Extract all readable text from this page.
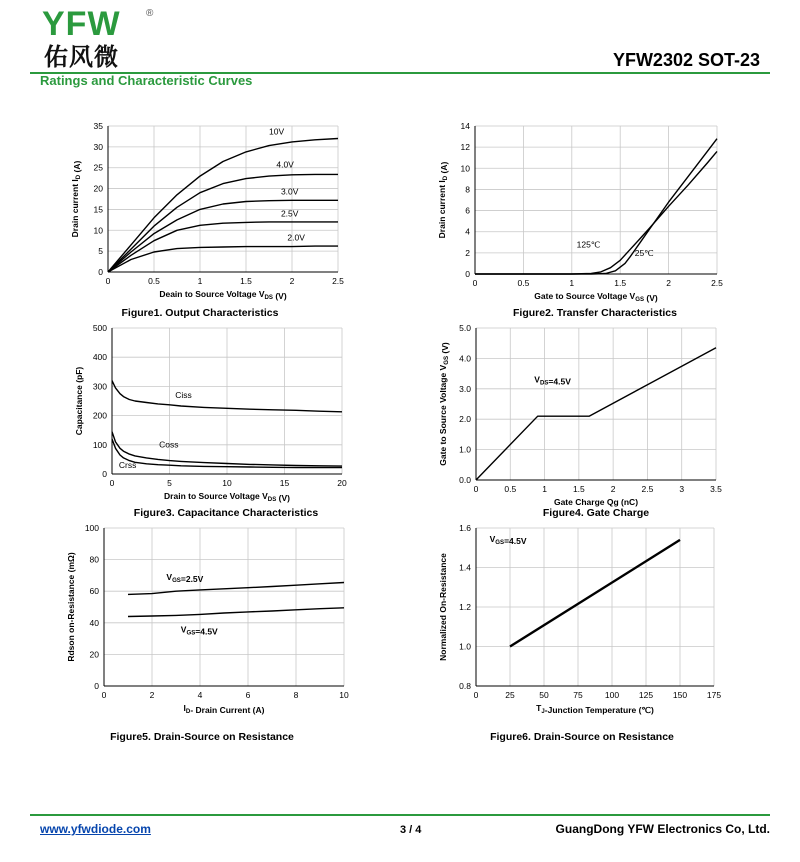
YFW	®
佑风微	YFW2302 SOT-23
Ratings and Characteristic Curves
0	0.5	1	1.5	2	2.5
0
5
10
15
20
25
30
35
Deain to Source Voltage $V_{DS}$ (V)
Drain current $I_D$ (A)
10V
4.0V
3.0V
2.5V
2.0V
0	0.5	1	1.5	2	2.5
0
2
4
6
8
10
12
14
Gate to Source Voltage $V_{GS}$ (V)
Drain current $I_D$ (A)
125℃
25℃
0	5	10	15	20
0
100
200
300
400
500
Drain to Source Voltage $V_{DS}$ (V)
Capacitance (pF)	Ciss
Coss
Crss
0	0.5	1	1.5	2	2.5	3	3.5
0.0
1.0
2.0
3.0
4.0
5.0
Gate Charge Qg (nC)
Gate to Source Voltage $V_{GS}$ (V)
$V_{DS}=4.5V$
0	2	4	6	8	10
0
20
40
60
80
100
$I_D-$ Drain Current (A)
Rdson on-Resistance (mΩ)	$V_{GS}=2.5V$
$V_{GS}=4.5V$
0	25	50	75	100 125 150 175
0.8
1.0
1.2
1.4
1.6
$T_J$-Junction Temperature (℃)
Normalized On-Resistance
$V_{GS}=4.5V$
Figure1. Output Characteristics	Figure2. Transfer Characteristics
Figure3. Capacitance Characteristics	Figure4. Gate Charge
Figure5. Drain-Source on Resistance	Figure6. Drain-Source on Resistance
www.yfwdiode.com	3 / 4	GuangDong YFW Electronics Co, Ltd.
